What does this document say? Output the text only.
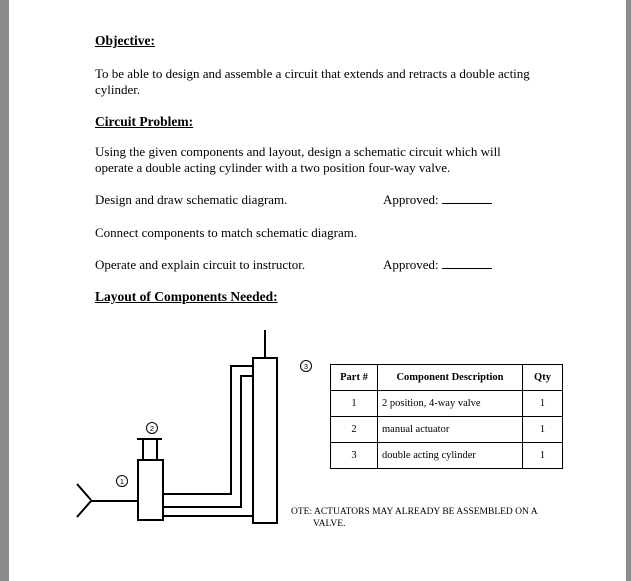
Objective:
To be able to design and assemble a circuit that extends and retracts a double acting cylinder.
Circuit Problem:
Using the given components and layout, design a schematic circuit which will operate a double acting cylinder with a two position four-way valve.
Design and draw schematic diagram.	Approved:
Connect components to match schematic diagram.
Operate and explain circuit to instructor.	Approved:
Layout of Components Needed:
1
2
3
Part #	Component Description	Qty
1	2 position, 4-way valve	1
2	manual actuator	1
3	double acting cylinder	1
OTE: ACTUATORS MAY ALREADY BE ASSEMBLED ON A
VALVE.
